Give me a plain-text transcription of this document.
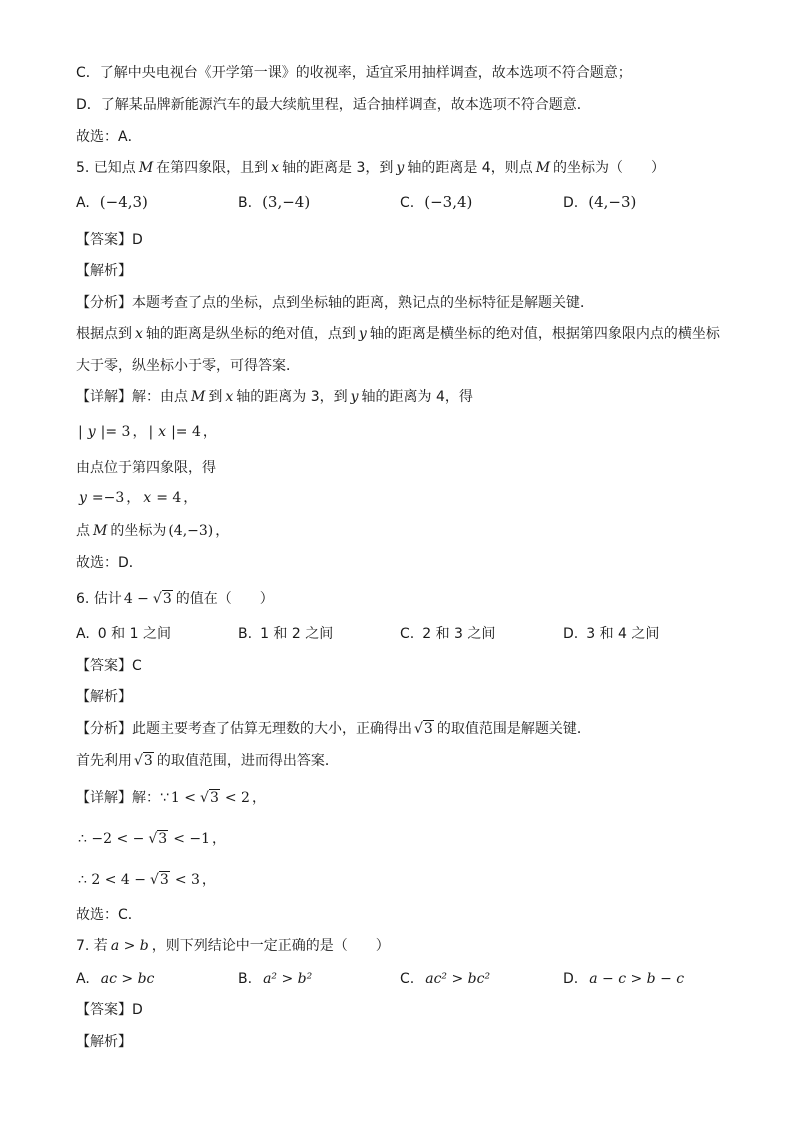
C．了解中央电视台《开学第一课》的收视率，适宜采用抽样调查，故本选项不符合题意；

D．了解某品牌新能源汽车的最大续航里程，适合抽样调查，故本选项不符合题意．

故选：A．

5. 已知点 M 在第四象限，且到 x 轴的距离是 3，到 y 轴的距离是 4，则点 M 的坐标为（　　）

A. (−4,3)	B. (3,−4)	C. (−3,4)	D. (4,−3)

【答案】D

【解析】

【分析】本题考查了点的坐标，点到坐标轴的距离，熟记点的坐标特征是解题关键．

根据点到 x 轴的距离是纵坐标的绝对值，点到 y 轴的距离是横坐标的绝对值，根据第四象限内点的横坐标

大于零，纵坐标小于零，可得答案．

【详解】解：由点 M 到 x 轴的距离为 3，到 y 轴的距离为 4，得

| y |= 3 ， | x |= 4 ，

由点位于第四象限，得

y =−3 ， x = 4 ，

点 M 的坐标为 (4,−3) ，

故选：D．

6. 估计 4 − √3 的值在（　　）

A. 0 和 1 之间	B. 1 和 2 之间	C. 2 和 3 之间	D. 3 和 4 之间

【答案】C

【解析】

【分析】此题主要考查了估算无理数的大小，正确得出 √3 的取值范围是解题关键．

首先利用 √3 的取值范围，进而得出答案．

【详解】解：∵ 1 < √3 < 2 ，

∴ −2 < − √3 < −1 ，

∴ 2 < 4 − √3 < 3 ，

故选：C．

7. 若 a > b ，则下列结论中一定正确的是（　　）

A. ac > bc	B. a² > b²	C. ac² > bc²	D. a − c > b − c

【答案】D

【解析】
